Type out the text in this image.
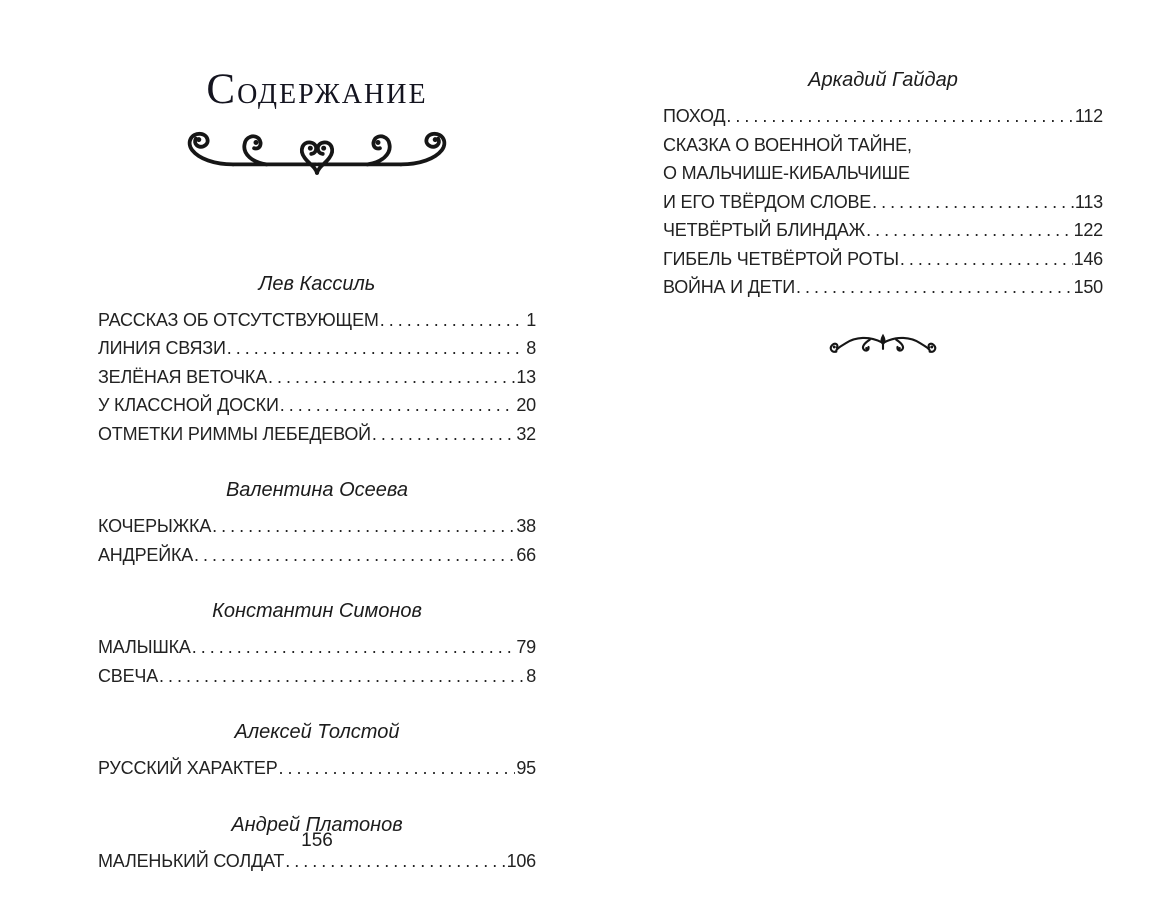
СОДЕРЖАНИЕ
Лев Кассиль
РАССКАЗ ОБ ОТСУТСТВУЮЩЕМ .....	1
ЛИНИЯ СВЯЗИ .....	8
ЗЕЛЁНАЯ ВЕТОЧКА .....	13
У КЛАССНОЙ ДОСКИ .....	20
ОТМЕТКИ РИММЫ ЛЕБЕДЕВОЙ .....	32
Валентина Осеева
КОЧЕРЫЖКА .....	38
АНДРЕЙКА .....	66
Константин Симонов
МАЛЫШКА .....	79
СВЕЧА .....	8
Алексей Толстой
РУССКИЙ ХАРАКТЕР .....	95
Андрей Платонов
МАЛЕНЬКИЙ СОЛДАТ .....	106
Аркадий Гайдар
ПОХОД .....	112
СКАЗКА О ВОЕННОЙ ТАЙНЕ,
О МАЛЬЧИШЕ-КИБАЛЬЧИШЕ
И ЕГО ТВЁРДОМ СЛОВЕ .....	113
ЧЕТВЁРТЫЙ БЛИНДАЖ .....	122
ГИБЕЛЬ ЧЕТВЁРТОЙ РОТЫ .....	146
ВОЙНА И ДЕТИ .....	150
156
